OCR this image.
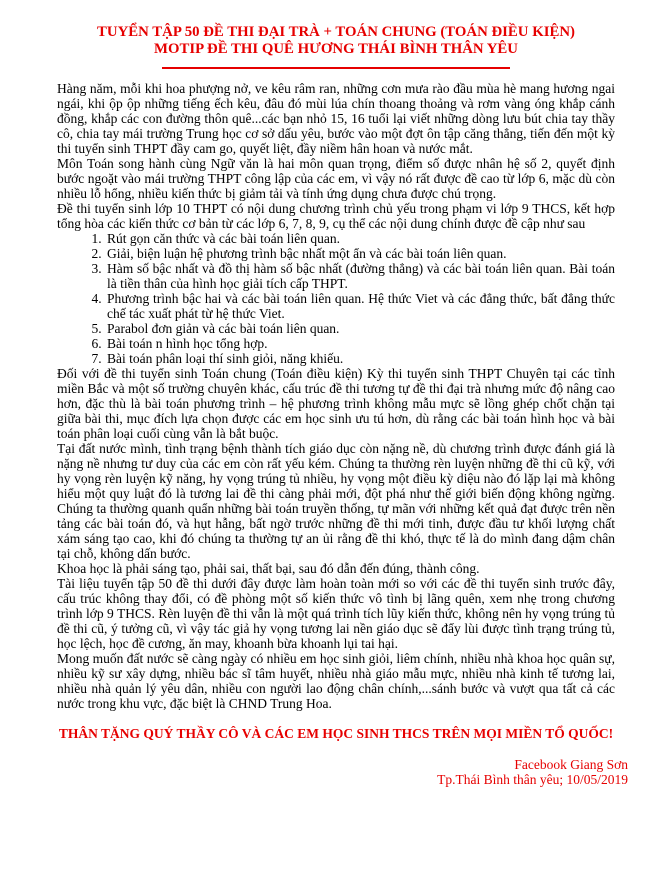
TUYỂN TẬP 50 ĐỀ THI ĐẠI TRÀ + TOÁN CHUNG (TOÁN ĐIỀU KIỆN)
MOTIP ĐỀ THI QUÊ HƯƠNG THÁI BÌNH THÂN YÊU

Hàng năm, mỗi khi hoa phượng nở, ve kêu râm ran, những cơn mưa rào đầu mùa hè mang hương ngai ngái, khi ộp ộp những tiếng ếch kêu, đâu đó mùi lúa chín thoang thoảng và rơm vàng óng khắp cánh đồng, khắp các con đường thôn quê...các bạn nhỏ 15, 16 tuổi lại viết những dòng lưu bút chia tay thầy cô, chia tay mái trường Trung học cơ sở dấu yêu, bước vào một đợt ôn tập căng thẳng, tiến đến một kỳ thi tuyển sinh THPT đầy cam go, quyết liệt, đầy niềm hân hoan và nước mắt.

Môn Toán song hành cùng Ngữ văn là hai môn quan trọng, điểm số được nhân hệ số 2, quyết định bước ngoặt vào mái trường THPT công lập của các em, vì vậy nó rất được đề cao từ lớp 6, mặc dù còn nhiều lỗ hổng, nhiều kiến thức bị giảm tải và tính ứng dụng chưa được chú trọng.

Đề thi tuyển sinh lớp 10 THPT có nội dung chương trình chủ yếu trong phạm vi lớp 9 THCS, kết hợp tổng hòa các kiến thức cơ bản từ các lớp 6, 7, 8, 9, cụ thể các nội dung chính được đề cập như sau

1. Rút gọn căn thức và các bài toán liên quan.
2. Giải, biện luận hệ phương trình bậc nhất một ẩn và các bài toán liên quan.
3. Hàm số bậc nhất và đồ thị hàm số bậc nhất (đường thẳng) và các bài toán liên quan. Bài toán là tiền thân của hình học giải tích cấp THPT.
4. Phương trình bậc hai và các bài toán liên quan. Hệ thức Viet và các đẳng thức, bất đẳng thức chế tác xuất phát từ hệ thức Viet.
5. Parabol đơn giản và các bài toán liên quan.
6. Bài toán n hình học tổng hợp.
7. Bài toán phân loại thí sinh giỏi, năng khiếu.

Đối với đề thi tuyển sinh Toán chung (Toán điều kiện) Kỳ thi tuyển sinh THPT Chuyên tại các tỉnh miền Bắc và một số trường chuyên khác, cấu trúc đề thi tương tự đề thi đại trà nhưng mức độ nâng cao hơn, đặc thù là bài toán phương trình – hệ phương trình không mẫu mực sẽ lồng ghép chốt chặn tại giữa bài thi, mục đích lựa chọn được các em học sinh ưu tú hơn, dù rằng các bài toán hình học và bài toán phân loại cuối cùng vẫn là bắt buộc.

Tại đất nước mình, tình trạng bệnh thành tích giáo dục còn nặng nề, dù chương trình được đánh giá là nặng nề nhưng tư duy của các em còn rất yếu kém. Chúng ta thường rèn luyện những đề thi cũ kỹ, với hy vọng rèn luyện kỹ năng, hy vọng trúng tủ nhiều, hy vọng một điều kỳ diệu nào đó lặp lại mà không hiểu một quy luật đó là tương lai đề thi càng phải mới, đột phá như thế giới biến động không ngừng. Chúng ta thường quanh quẩn những bài toán truyền thống, tự mãn với những kết quả đạt được trên nền tảng các bài toán đó, và hụt hẫng, bất ngờ trước những đề thi mới tinh, được đầu tư khối lượng chất xám sáng tạo cao, khi đó chúng ta thường tự an ủi rằng đề thi khó, thực tế là do mình đang dậm chân tại chỗ, không dấn bước.

Khoa học là phải sáng tạo, phải sai, thất bại, sau đó dẫn đến đúng, thành công.

Tài liệu tuyển tập 50 đề thi dưới đây được làm hoàn toàn mới so với các đề thi tuyển sinh trước đây, cấu trúc không thay đổi, có đề phòng một số kiến thức vô tình bị lãng quên, xem nhẹ trong chương trình lớp 9 THCS. Rèn luyện đề thi vẫn là một quá trình tích lũy kiến thức, không nên hy vọng trúng tủ đề thi cũ, ý tưởng cũ, vì vậy tác giả hy vọng tương lai nền giáo dục sẽ đẩy lùi được tình trạng trúng tủ, học lệch, học đề cương, ăn may, khoanh bừa khoanh lụi tai hại.

Mong muốn đất nước sẽ càng ngày có nhiều em học sinh giỏi, liêm chính, nhiều nhà khoa học quân sự, nhiều kỹ sư xây dựng, nhiều bác sĩ tâm huyết, nhiều nhà giáo mẫu mực, nhiều nhà kinh tế tương lai, nhiều nhà quản lý yêu dân, nhiều con người lao động chân chính,...sánh bước và vượt qua tất cả các nước trong khu vực, đặc biệt là CHND Trung Hoa.

THÂN TẶNG QUÝ THẦY CÔ VÀ CÁC EM HỌC SINH THCS TRÊN MỌI MIỀN TỔ QUỐC!

Facebook Giang Sơn

Tp.Thái Bình thân yêu; 10/05/2019
